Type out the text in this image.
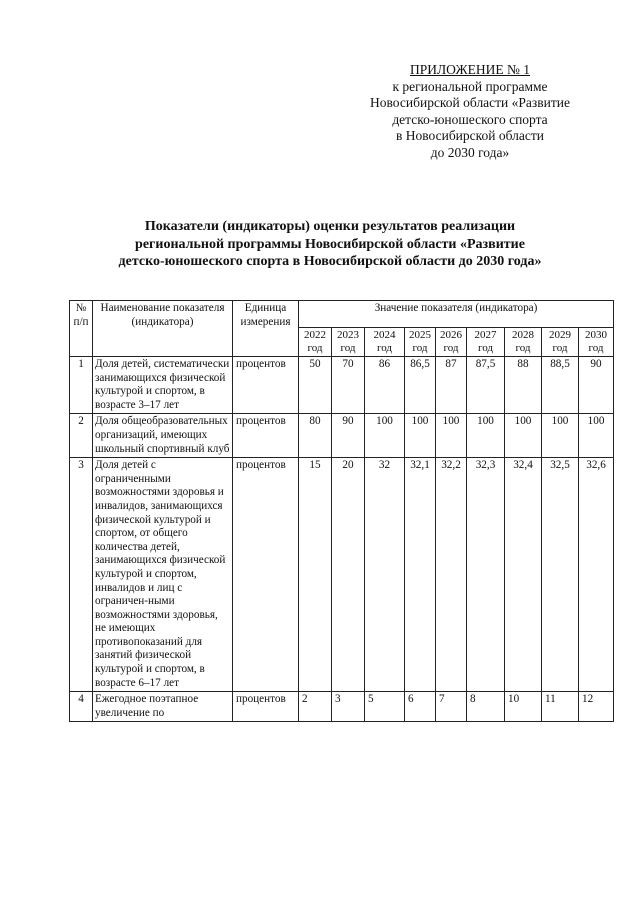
ПРИЛОЖЕНИЕ № 1
к региональной программе
Новосибирской области «Развитие
детско-юношеского спорта
в Новосибирской области
до 2030 года»
Показатели (индикаторы) оценки результатов реализации
региональной программы Новосибирской области «Развитие
детско-юношеского спорта в Новосибирской области до 2030 года»
№ п/п	Наименование показателя (индикатора)	Единица измерения	Значение показателя (индикатора)								
			2022 год	2023 год	2024 год	2025 год	2026 год	2027 год	2028 год	2029 год	2030 год
1	Доля детей, систематически занимающихся физической культурой и спортом, в возрасте 3–17 лет	процентов	50	70	86	86,5	87	87,5	88	88,5	90
2	Доля общеобразовательных организаций, имеющих школьный спортивный клуб	процентов	80	90	100	100	100	100	100	100	100
3	Доля детей с ограниченными возможностями здоровья и инвалидов, занимающихся физической культурой и спортом, от общего количества детей, занимающихся физической культурой и спортом, инвалидов и лиц с ограничен-ными возможностями здоровья, не имеющих противопоказаний для занятий физической культурой и спортом, в возрасте 6–17 лет	процентов	15	20	32	32,1	32,2	32,3	32,4	32,5	32,6
4	Ежегодное поэтапное увеличение по	процентов	2	3	5	6	7	8	10	11	12
